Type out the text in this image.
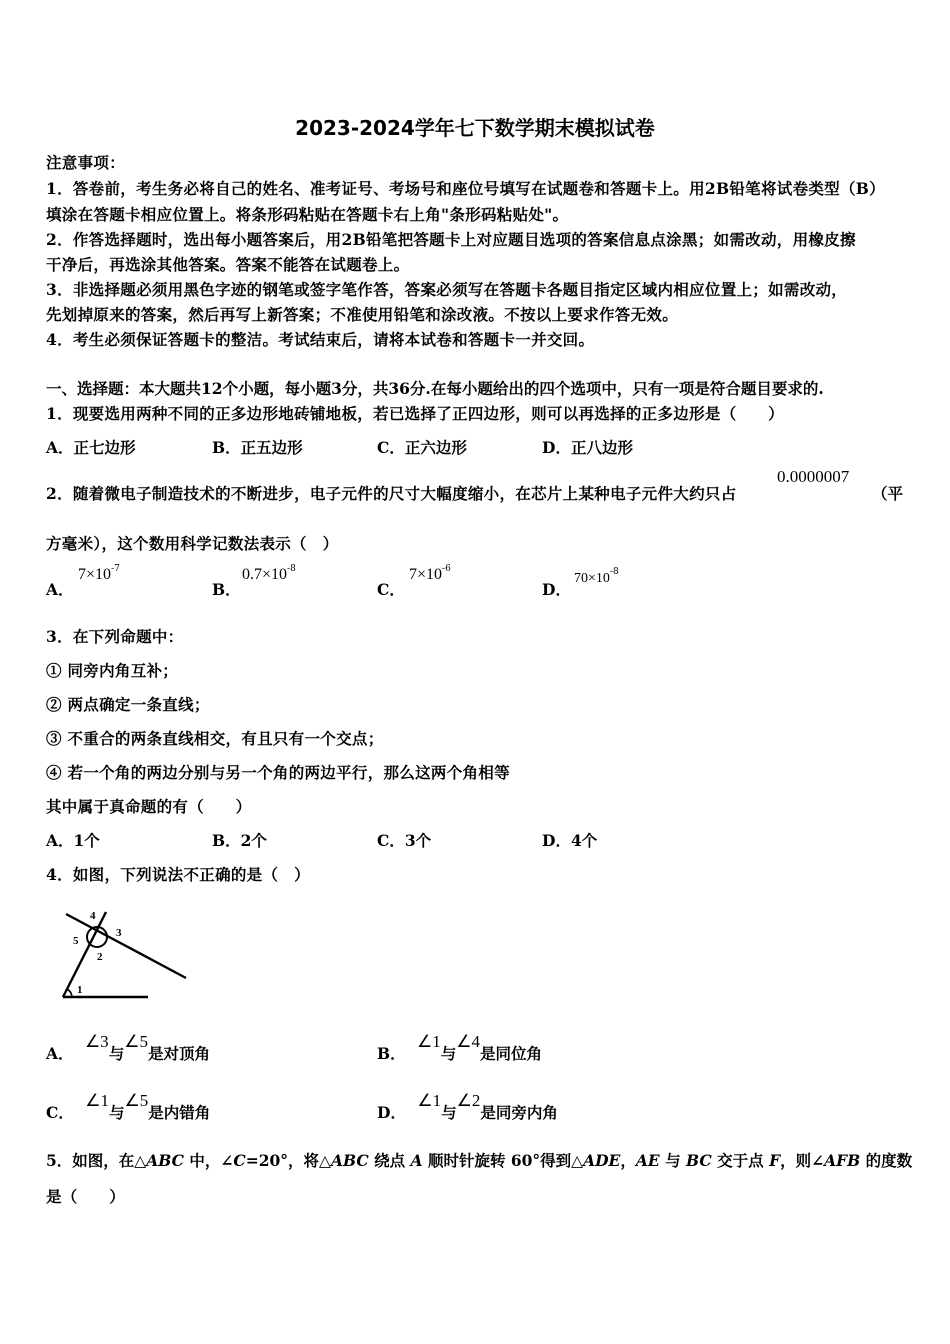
2023-2024学年七下数学期末模拟试卷
注意事项：
1．答卷前，考生务必将自己的姓名、准考证号、考场号和座位号填写在试题卷和答题卡上。用2B铅笔将试卷类型（B）
填涂在答题卡相应位置上。将条形码粘贴在答题卡右上角"条形码粘贴处"。
2．作答选择题时，选出每小题答案后，用2B铅笔把答题卡上对应题目选项的答案信息点涂黑；如需改动，用橡皮擦
干净后，再选涂其他答案。答案不能答在试题卷上。
3．非选择题必须用黑色字迹的钢笔或签字笔作答，答案必须写在答题卡各题目指定区域内相应位置上；如需改动，
先划掉原来的答案，然后再写上新答案；不准使用铅笔和涂改液。不按以上要求作答无效。
4．考生必须保证答题卡的整洁。考试结束后，请将本试卷和答题卡一并交回。
一、选择题：本大题共12个小题，每小题3分，共36分.在每小题给出的四个选项中，只有一项是符合题目要求的.
1．现要选用两种不同的正多边形地砖铺地板，若已选择了正四边形，则可以再选择的正多边形是（　　）
A．正七边形	B．正五边形	C．正六边形	D．正八边形
2．随着微电子制造技术的不断进步，电子元件的尺寸大幅度缩小，在芯片上某种电子元件大约只占
0.0000007
（平
方毫米），这个数用科学记数法表示（　）
A．
$7\times 10^{-7}$
B．
$0.7\times 10^{-8}$
C．
$7\times 10^{-6}$
D．
$70\times 10^{-8}$
3．在下列命题中：
① 同旁内角互补；
② 两点确定一条直线；
③ 不重合的两条直线相交，有且只有一个交点；
④ 若一个角的两边分别与另一个角的两边平行，那么这两个角相等
其中属于真命题的有（　　）
A．1个	B．2个	C．3个	D．4个
4．如图，下列说法不正确的是（　）
4
5
3
2
1
A． ∠3与∠5是对顶角	B． ∠1与∠4是同位角
C． ∠1与∠5是内错角	D． ∠1与∠2是同旁内角
5．如图，在△ABC 中，∠C=20°，将△ABC 绕点 A 顺时针旋转 60°得到△ADE，AE 与 BC 交于点 F，则∠AFB 的度数
是（　　）
